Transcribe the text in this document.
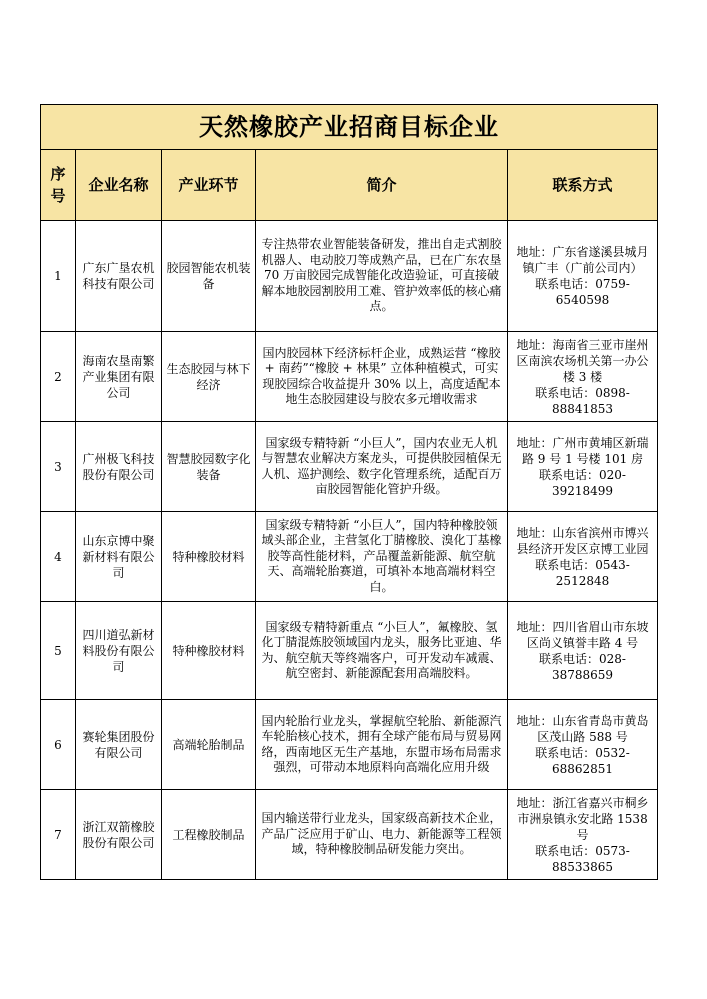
天然橡胶产业招商目标企业				
序号	企业名称	产业环节	简介	联系方式
1	广东广垦农机科技有限公司	胶园智能农机装备	专注热带农业智能装备研发，推出自走式割胶机器人、电动胶刀等成熟产品，已在广东农垦 70 万亩胶园完成智能化改造验证，可直接破解本地胶园割胶用工难、管护效率低的核心痛点。	地址：广东省遂溪县城月镇广丰（广前公司内）
联系电话：0759-6540598

2	海南农垦南繁产业集团有限公司	生态胶园与林下经济	国内胶园林下经济标杆企业，成熟运营 “橡胶 + 南药”“橡胶 + 林果” 立体种植模式，可实现胶园综合收益提升 30% 以上，高度适配本地生态胶园建设与胶农多元增收需求	地址：海南省三亚市崖州区南滨农场机关第一办公楼 3 楼
联系电话：0898-88841853

3	广州极飞科技股份有限公司	智慧胶园数字化装备	国家级专精特新 “小巨人”，国内农业无人机与智慧农业解决方案龙头，可提供胶园植保无人机、巡护测绘、数字化管理系统，适配百万亩胶园智能化管护升级。	地址：广州市黄埔区新瑞路 9 号 1 号楼 101 房
联系电话：020-39218499

4	山东京博中聚新材料有限公司	特种橡胶材料	国家级专精特新 “小巨人”，国内特种橡胶领域头部企业，主营氢化丁腈橡胶、溴化丁基橡胶等高性能材料，产品覆盖新能源、航空航天、高端轮胎赛道，可填补本地高端材料空白。	地址：山东省滨州市博兴县经济开发区京博工业园
联系电话：0543-2512848

5	四川道弘新材料股份有限公司	特种橡胶材料	国家级专精特新重点 “小巨人”，氟橡胶、氢化丁腈混炼胶领域国内龙头，服务比亚迪、华为、航空航天等终端客户，可开发动车减震、航空密封、新能源配套用高端胶料。	地址：四川省眉山市东坡区尚义镇誉丰路 4 号
联系电话：028-38788659

6	赛轮集团股份有限公司	高端轮胎制品	国内轮胎行业龙头，掌握航空轮胎、新能源汽车轮胎核心技术，拥有全球产能布局与贸易网络，西南地区无生产基地，东盟市场布局需求强烈，可带动本地原料向高端化应用升级	地址：山东省青岛市黄岛区茂山路 588 号
联系电话：0532-68862851

7	浙江双箭橡胶股份有限公司	工程橡胶制品	国内输送带行业龙头，国家级高新技术企业，产品广泛应用于矿山、电力、新能源等工程领域，特种橡胶制品研发能力突出。	地址：浙江省嘉兴市桐乡市洲泉镇永安北路 1538 号
联系电话：0573-88533865
